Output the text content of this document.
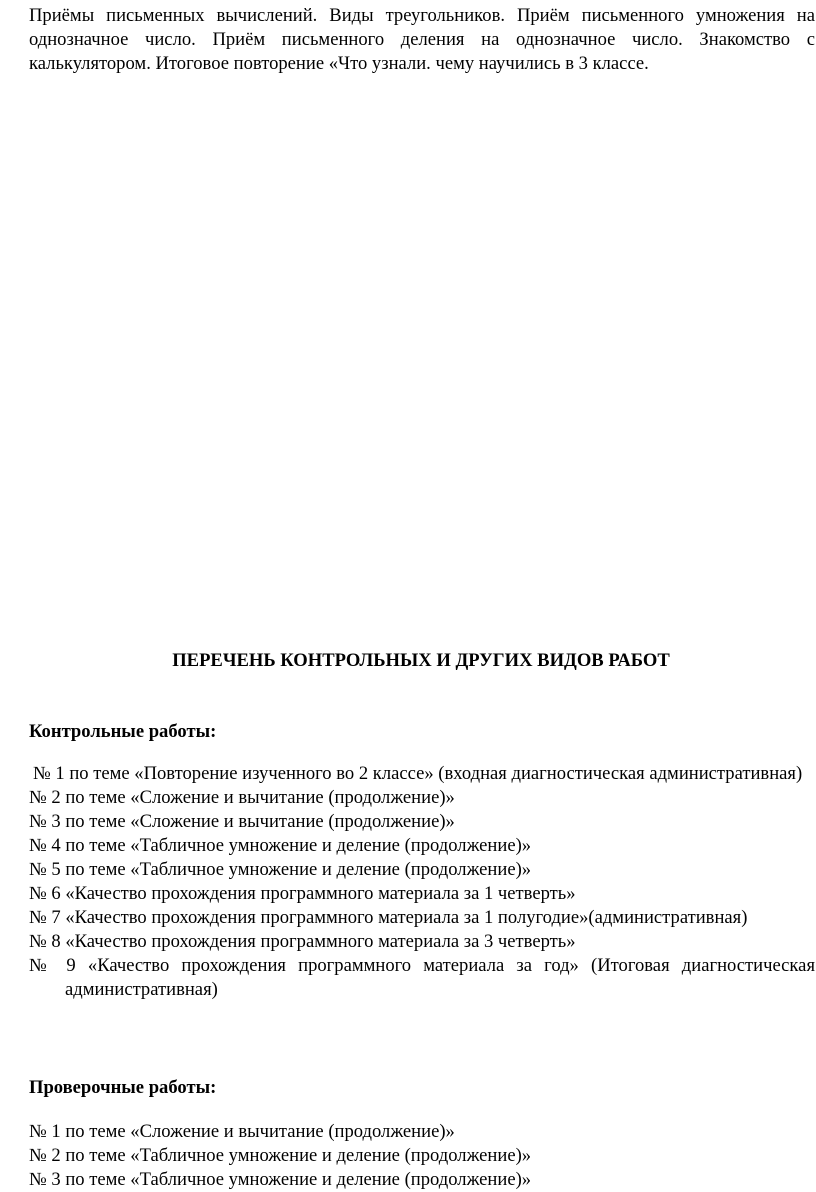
Приёмы письменных вычислений. Виды треугольников. Приём письменного умножения на однозначное число. Приём письменного деления на однозначное число. Знакомство с калькулятором. Итоговое повторение «Что узнали. чему научились в 3 классе.

ПЕРЕЧЕНЬ КОНТРОЛЬНЫХ И ДРУГИХ ВИДОВ РАБОТ
Контрольные работы:
№ 1 по теме «Повторение изученного во 2 классе» (входная диагностическая административная)
№ 2 по теме «Сложение и вычитание (продолжение)»
№ 3 по теме «Сложение и вычитание (продолжение)»
№ 4 по теме «Табличное умножение и деление (продолжение)»
№ 5 по теме «Табличное умножение и деление (продолжение)»
№ 6 «Качество прохождения программного материала за 1 четверть»
№ 7 «Качество прохождения программного материала за 1 полугодие»(административная)
№ 8 «Качество прохождения программного материала за 3 четверть»
№ 9 «Качество прохождения программного материала за год» (Итоговая диагностическая административная)
Проверочные работы:
№ 1 по теме «Сложение и вычитание (продолжение)»
№ 2 по теме «Табличное умножение и деление (продолжение)»
№ 3 по теме «Табличное умножение и деление (продолжение)»
